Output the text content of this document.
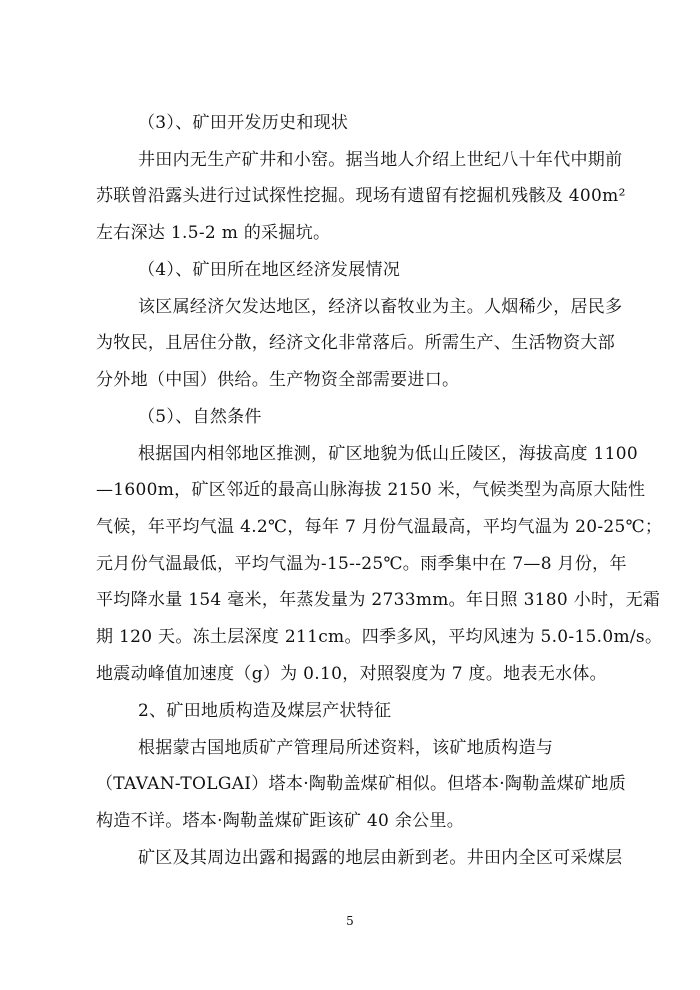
（3）、矿田开发历史和现状
井田内无生产矿井和小窑。据当地人介绍上世纪八十年代中期前
苏联曾沿露头进行过试探性挖掘。现场有遗留有挖掘机残骸及 400m²
左右深达 1.5-2 m 的采掘坑。
（4）、矿田所在地区经济发展情况
该区属经济欠发达地区，经济以畜牧业为主。人烟稀少，居民多
为牧民，且居住分散，经济文化非常落后。所需生产、生活物资大部
分外地（中国）供给。生产物资全部需要进口。
（5）、自然条件
根据国内相邻地区推测，矿区地貌为低山丘陵区，海拔高度 1100
—1600m，矿区邻近的最高山脉海拔 2150 米，气候类型为高原大陆性
气候，年平均气温 4.2℃，每年 7 月份气温最高，平均气温为 20-25℃；
元月份气温最低，平均气温为-15--25℃。雨季集中在 7—8 月份，年
平均降水量 154 毫米，年蒸发量为 2733mm。年日照 3180 小时，无霜
期 120 天。冻土层深度 211cm。四季多风，平均风速为 5.0-15.0m/s。
地震动峰值加速度（g）为 0.10，对照裂度为 7 度。地表无水体。
2、矿田地质构造及煤层产状特征
根据蒙古国地质矿产管理局所述资料，该矿地质构造与
（TAVAN-TOLGAI）塔本·陶勒盖煤矿相似。但塔本·陶勒盖煤矿地质
构造不详。塔本·陶勒盖煤矿距该矿 40 余公里。
矿区及其周边出露和揭露的地层由新到老。井田内全区可采煤层
5
